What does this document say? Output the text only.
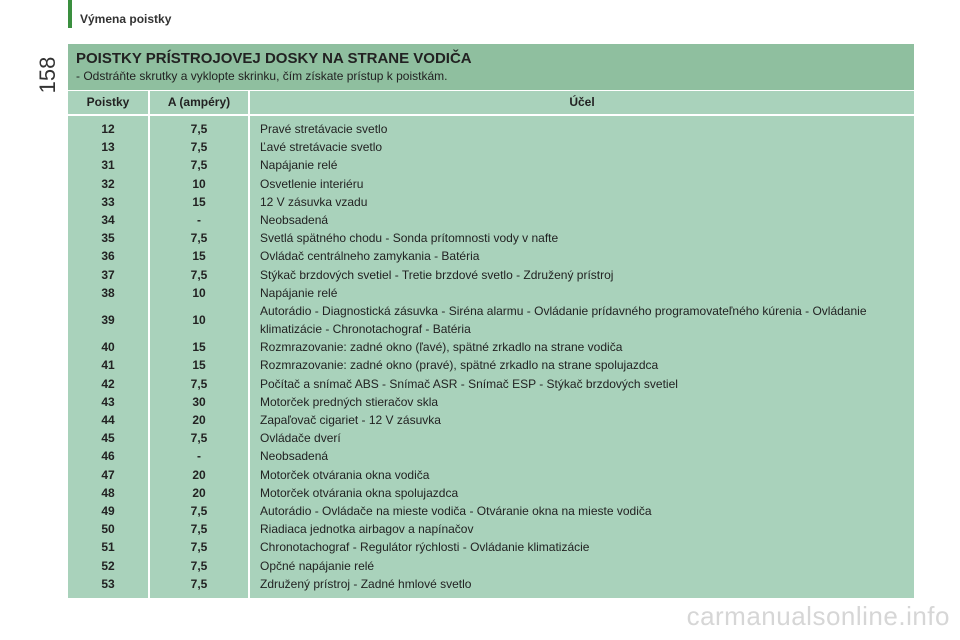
Výmena poistky
158 POISTKY PRÍSTROJOVEJ DOSKY NA STRANE VODIČA
- Odstráňte skrutky a vyklopte skrinku, čím získate prístup k poistkám.
Poistky	A (ampéry)	Účel
12
13
31
32
33
34
35
36
37
38
39
40
41
42
43
44
45
46
47
48
49
50
51
52
53
7,5
7,5
7,5
10
15
-
7,5
15
7,5
10
10
15
15
7,5
30
20
7,5
-
20
20
7,5
7,5
7,5
7,5
7,5
Pravé stretávacie svetlo
Ľavé stretávacie svetlo
Napájanie relé
Osvetlenie interiéru
12 V zásuvka vzadu
Neobsadená
Svetlá spätného chodu - Sonda prítomnosti vody v nafte
Ovládač centrálneho zamykania - Batéria
Stýkač brzdových svetiel - Tretie brzdové svetlo - Združený prístroj
Napájanie relé
Autorádio - Diagnostická zásuvka - Siréna alarmu - Ovládanie prídavného programovateľného kúrenia - Ovládanie klimatizácie - Chronotachograf - Batéria
Rozmrazovanie: zadné okno (ľavé), spätné zrkadlo na strane vodiča
Rozmrazovanie: zadné okno (pravé), spätné zrkadlo na strane spolujazdca
Počítač a snímač ABS - Snímač ASR - Snímač ESP - Stýkač brzdových svetiel
Motorček predných stieračov skla
Zapaľovač cigariet - 12 V zásuvka
Ovládače dverí
Neobsadená
Motorček otvárania okna vodiča
Motorček otvárania okna spolujazdca
Autorádio - Ovládače na mieste vodiča - Otváranie okna na mieste vodiča
Riadiaca jednotka airbagov a napínačov
Chronotachograf - Regulátor rýchlosti - Ovládanie klimatizácie
Opčné napájanie relé
Združený prístroj - Zadné hmlové svetlo
carmanualsonline.info
